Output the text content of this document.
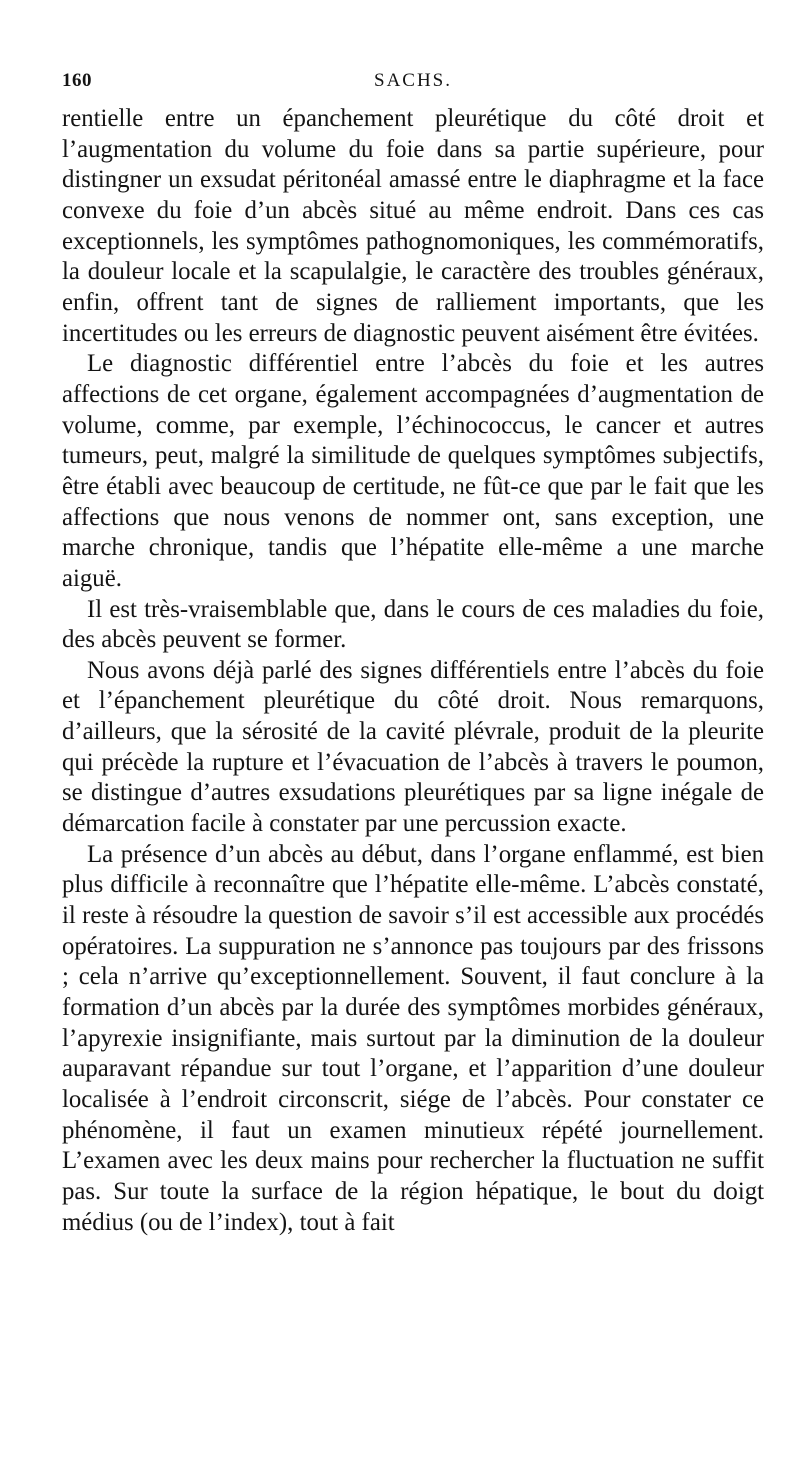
160	SACHS.

rentielle entre un épanchement pleurétique du côté droit et l’augmentation du volume du foie dans sa partie supérieure, pour distingner un exsudat péritonéal amassé entre le diaphragme et la face convexe du foie d’un abcès situé au même endroit. Dans ces cas exceptionnels, les symptômes pathognomoniques, les commémoratifs, la douleur locale et la scapulalgie, le caractère des troubles généraux, enfin, offrent tant de signes de ralliement importants, que les incertitudes ou les erreurs de diagnostic peuvent aisément être évitées.

Le diagnostic différentiel entre l’abcès du foie et les autres affections de cet organe, également accompagnées d’augmentation de volume, comme, par exemple, l’échinococcus, le cancer et autres tumeurs, peut, malgré la similitude de quelques symptômes subjectifs, être établi avec beaucoup de certitude, ne fût-ce que par le fait que les affections que nous venons de nommer ont, sans exception, une marche chronique, tandis que l’hépatite elle-même a une marche aiguë.

Il est très-vraisemblable que, dans le cours de ces maladies du foie, des abcès peuvent se former.

Nous avons déjà parlé des signes différentiels entre l’abcès du foie et l’épanchement pleurétique du côté droit. Nous remarquons, d’ailleurs, que la sérosité de la cavité plévrale, produit de la pleurite qui précède la rupture et l’évacuation de l’abcès à travers le poumon, se distingue d’autres exsudations pleurétiques par sa ligne inégale de démarcation facile à constater par une percussion exacte.

La présence d’un abcès au début, dans l’organe enflammé, est bien plus difficile à reconnaître que l’hépatite elle-même. L’abcès constaté, il reste à résoudre la question de savoir s’il est accessible aux procédés opératoires. La suppuration ne s’annonce pas toujours par des frissons ; cela n’arrive qu’exceptionnellement. Souvent, il faut conclure à la formation d’un abcès par la durée des symptômes morbides généraux, l’apyrexie insignifiante, mais surtout par la diminution de la douleur auparavant répandue sur tout l’organe, et l’apparition d’une douleur localisée à l’endroit circonscrit, siége de l’abcès. Pour constater ce phénomène, il faut un examen minutieux répété journellement. L’examen avec les deux mains pour rechercher la fluctuation ne suffit pas. Sur toute la surface de la région hépatique, le bout du doigt médius (ou de l’index), tout à fait
